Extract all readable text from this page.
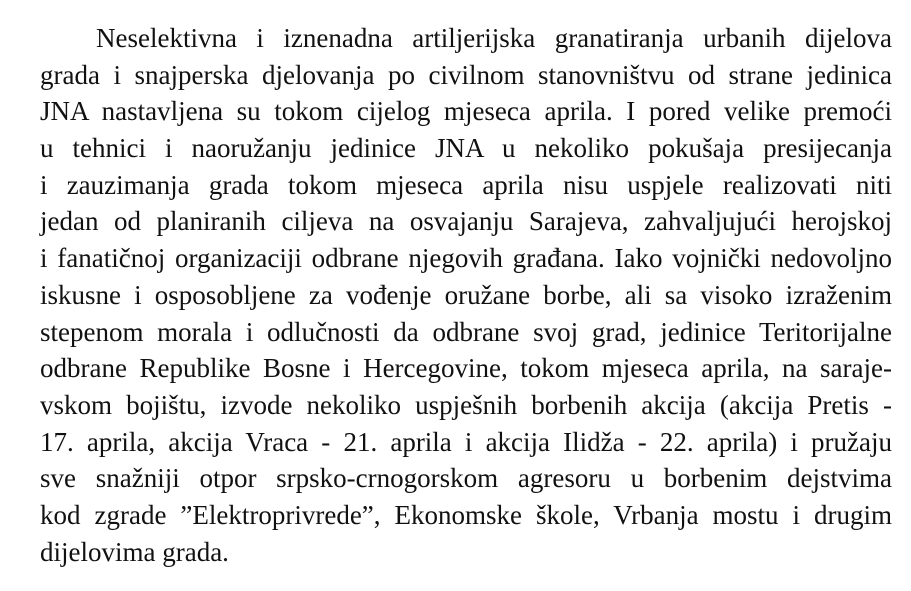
Neselektivna i iznenadna artiljerijska granatiranja urbanih dijelova
grada i snajperska djelovanja po civilnom stanovništvu od strane jedinica
JNA nastavljena su tokom cijelog mjeseca aprila. I pored velike premoći
u tehnici i naoružanju jedinice JNA u nekoliko pokušaja presijecanja
i zauzimanja grada tokom mjeseca aprila nisu uspjele realizovati niti
jedan od planiranih ciljeva na osvajanju Sarajeva, zahvaljujući herojskoj
i fanatičnoj organizaciji odbrane njegovih građana. Iako vojnički nedovoljno
iskusne i osposobljene za vođenje oružane borbe, ali sa visoko izraženim
stepenom morala i odlučnosti da odbrane svoj grad, jedinice Teritorijalne
odbrane Republike Bosne i Hercegovine, tokom mjeseca aprila, na saraje-
vskom bojištu, izvode nekoliko uspješnih borbenih akcija (akcija Pretis -
17. aprila, akcija Vraca - 21. aprila i akcija Ilidža - 22. aprila) i pružaju
sve snažniji otpor srpsko-crnogorskom agresoru u borbenim dejstvima
kod zgrade ”Elektroprivrede”, Ekonomske škole, Vrbanja mostu i drugim
dijelovima grada.
